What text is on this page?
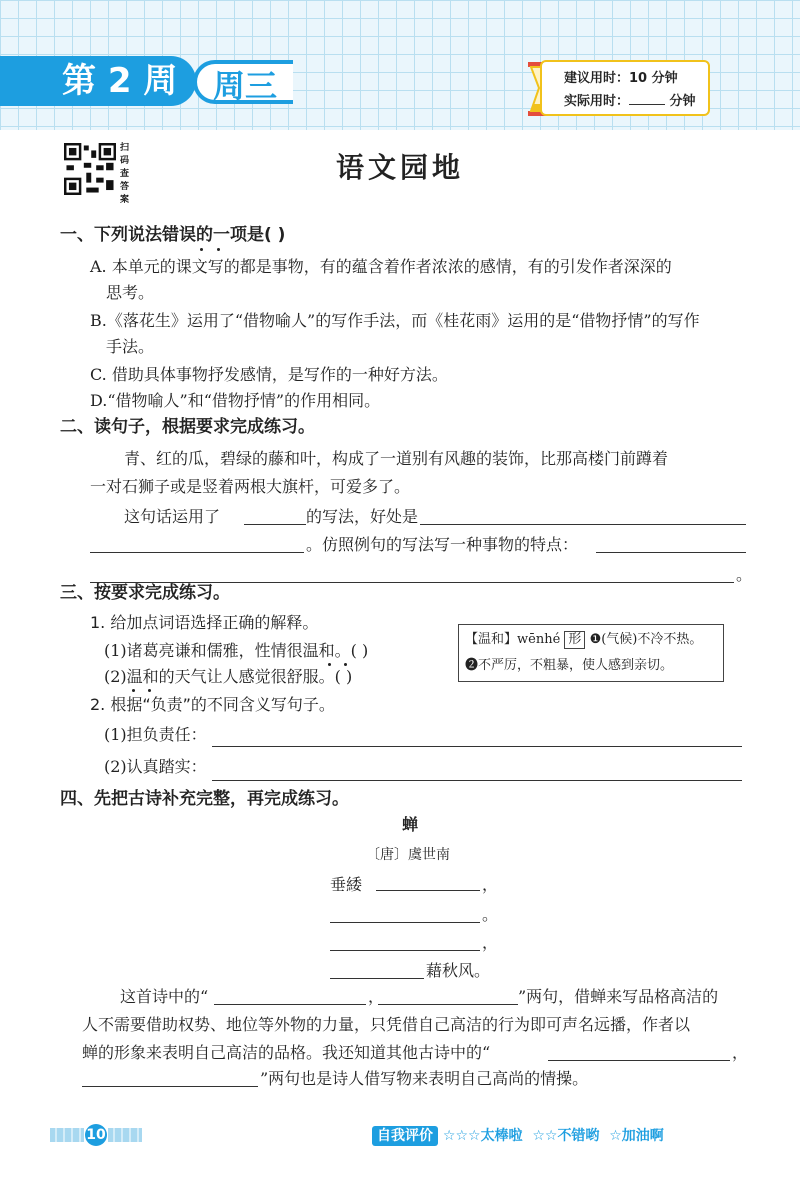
第 2 周	周三	建议用时：10 分钟
实际用时：	分钟
扫码查答案
语文园地
一、下列说法错误的一项是( )
A. 本单元的课文写的都是事物，有的蕴含着作者浓浓的感情，有的引发作者深深的
思考。
B.《落花生》运用了“借物喻人”的写作手法，而《桂花雨》运用的是“借物抒情”的写作
手法。
C. 借助具体事物抒发感情，是写作的一种好方法。
D.“借物喻人”和“借物抒情”的作用相同。
二、读句子，根据要求完成练习。
青、红的瓜，碧绿的藤和叶，构成了一道别有风趣的装饰，比那高楼门前蹲着
一对石狮子或是竖着两根大旗杆，可爱多了。
这句话运用了	的写法，好处是
。仿照例句的写法写一种事物的特点：
。
三、按要求完成练习。
1. 给加点词语选择正确的解释。
(1)诸葛亮谦和儒雅，性情很温和。( )
(2)温和的天气让人感觉很舒服。( )
【温和】wēnhé 形 ❶(气候)不冷不热。
❷不严厉，不粗暴，使人感到亲切。
2. 根据“负责”的不同含义写句子。
(1)担负责任：
(2)认真踏实：
四、先把古诗补充完整，再完成练习。
蝉
〔唐〕虞世南
垂緌	，
。
，
藉秋风。
这首诗中的“	，	”两句，借蝉来写品格高洁的
人不需要借助权势、地位等外物的力量，只凭借自己高洁的行为即可声名远播，作者以
蝉的形象来表明自己高洁的品格。我还知道其他古诗中的“	，
”两句也是诗人借写物来表明自己高尚的情操。
10	自我评价 ☆☆☆太棒啦 ☆☆不错哟 ☆加油啊
